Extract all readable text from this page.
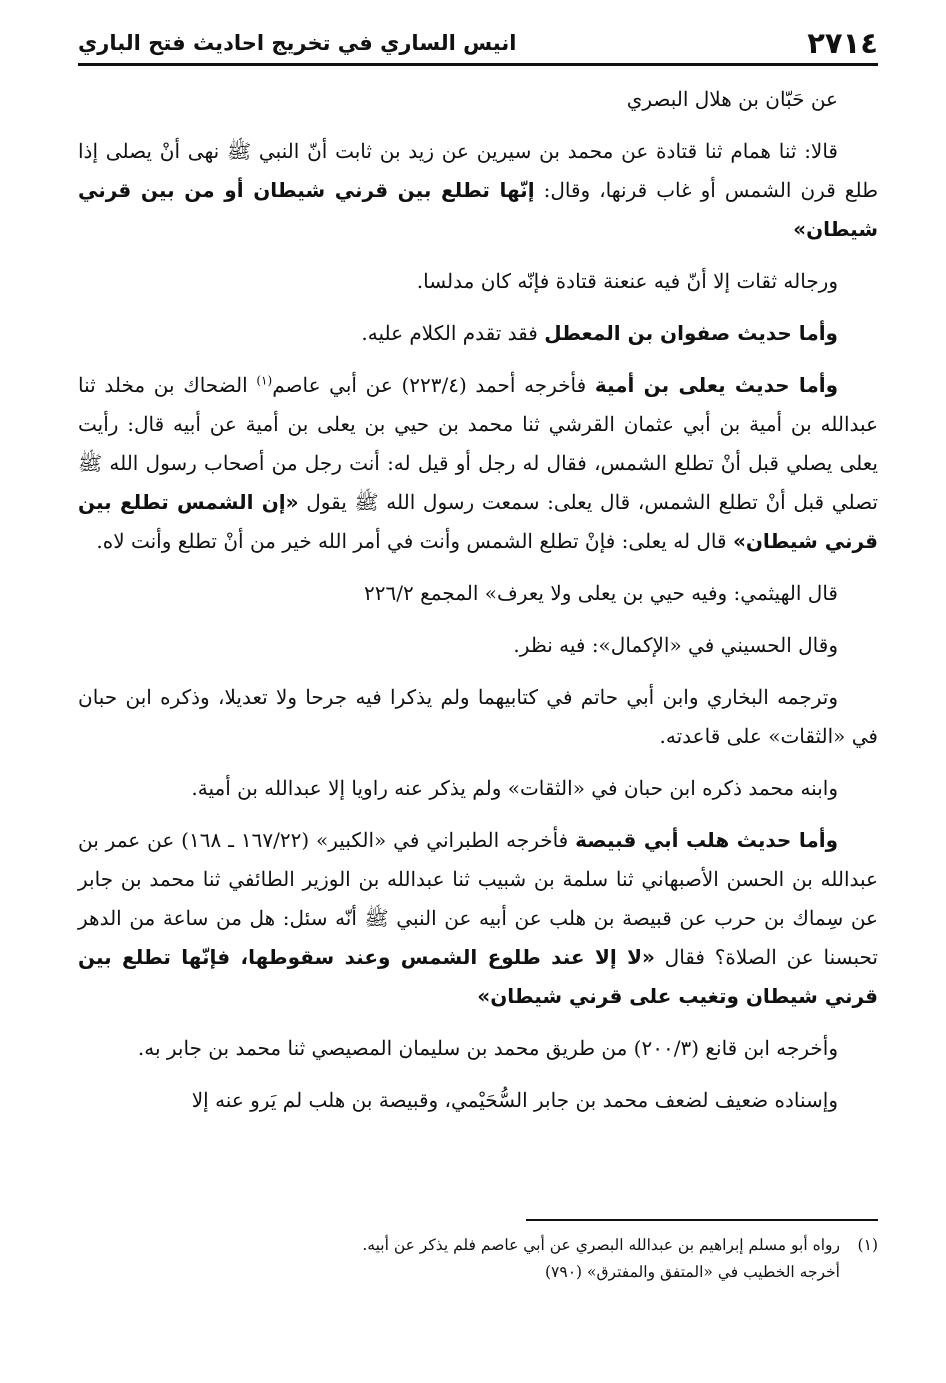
٢٧١٤
انيس الساري في تخريج احاديث فتح الباري

عن حَبّان بن هلال البصري

قالا: ثنا همام ثنا قتادة عن محمد بن سيرين عن زيد بن ثابت أنّ النبي ﷺ نهى أنْ يصلى إذا طلع قرن الشمس أو غاب قرنها، وقال: إنّها تطلع بين قرني شيطان أو من بين قرني شيطان»

ورجاله ثقات إلا أنّ فيه عنعنة قتادة فإنّه كان مدلسا.

وأما حديث صفوان بن المعطل فقد تقدم الكلام عليه.

وأما حديث يعلى بن أمية فأخرجه أحمد (٢٢٣/٤) عن أبي عاصم$^{(١)}$ الضحاك بن مخلد ثنا عبدالله بن أمية بن أبي عثمان القرشي ثنا محمد بن حيي بن يعلى بن أمية عن أبيه قال: رأيت يعلى يصلي قبل أنْ تطلع الشمس، فقال له رجل أو قيل له: أنت رجل من أصحاب رسول الله ﷺ تصلي قبل أنْ تطلع الشمس، قال يعلى: سمعت رسول الله ﷺ يقول «إن الشمس تطلع بين قرني شيطان» قال له يعلى: فإنْ تطلع الشمس وأنت في أمر الله خير من أنْ تطلع وأنت لاه.

قال الهيثمي: وفيه حيي بن يعلى ولا يعرف» المجمع ٢٢٦/٢

وقال الحسيني في «الإكمال»: فيه نظر.

وترجمه البخاري وابن أبي حاتم في كتابيهما ولم يذكرا فيه جرحا ولا تعديلا، وذكره ابن حبان في «الثقات» على قاعدته.

وابنه محمد ذكره ابن حبان في «الثقات» ولم يذكر عنه راويا إلا عبدالله بن أمية.

وأما حديث هلب أبي قبيصة فأخرجه الطبراني في «الكبير» (١٦٧/٢٢ ـ ١٦٨) عن عمر بن عبدالله بن الحسن الأصبهاني ثنا سلمة بن شبيب ثنا عبدالله بن الوزير الطائفي ثنا محمد بن جابر عن سِماك بن حرب عن قبيصة بن هلب عن أبيه عن النبي ﷺ أنّه سئل: هل من ساعة من الدهر تحبسنا عن الصلاة؟ فقال «لا إلا عند طلوع الشمس وعند سقوطها، فإنّها تطلع بين قرني شيطان وتغيب على قرني شيطان»

وأخرجه ابن قانع (٢٠٠/٣) من طريق محمد بن سليمان المصيصي ثنا محمد بن جابر به.

وإسناده ضعيف لضعف محمد بن جابر السُّحَيْمي، وقبيصة بن هلب لم يَرو عنه إلا

(١)
رواه أبو مسلم إبراهيم بن عبدالله البصري عن أبي عاصم فلم يذكر عن أبيه.
أخرجه الخطيب في «المتفق والمفترق» (٧٩٠)
